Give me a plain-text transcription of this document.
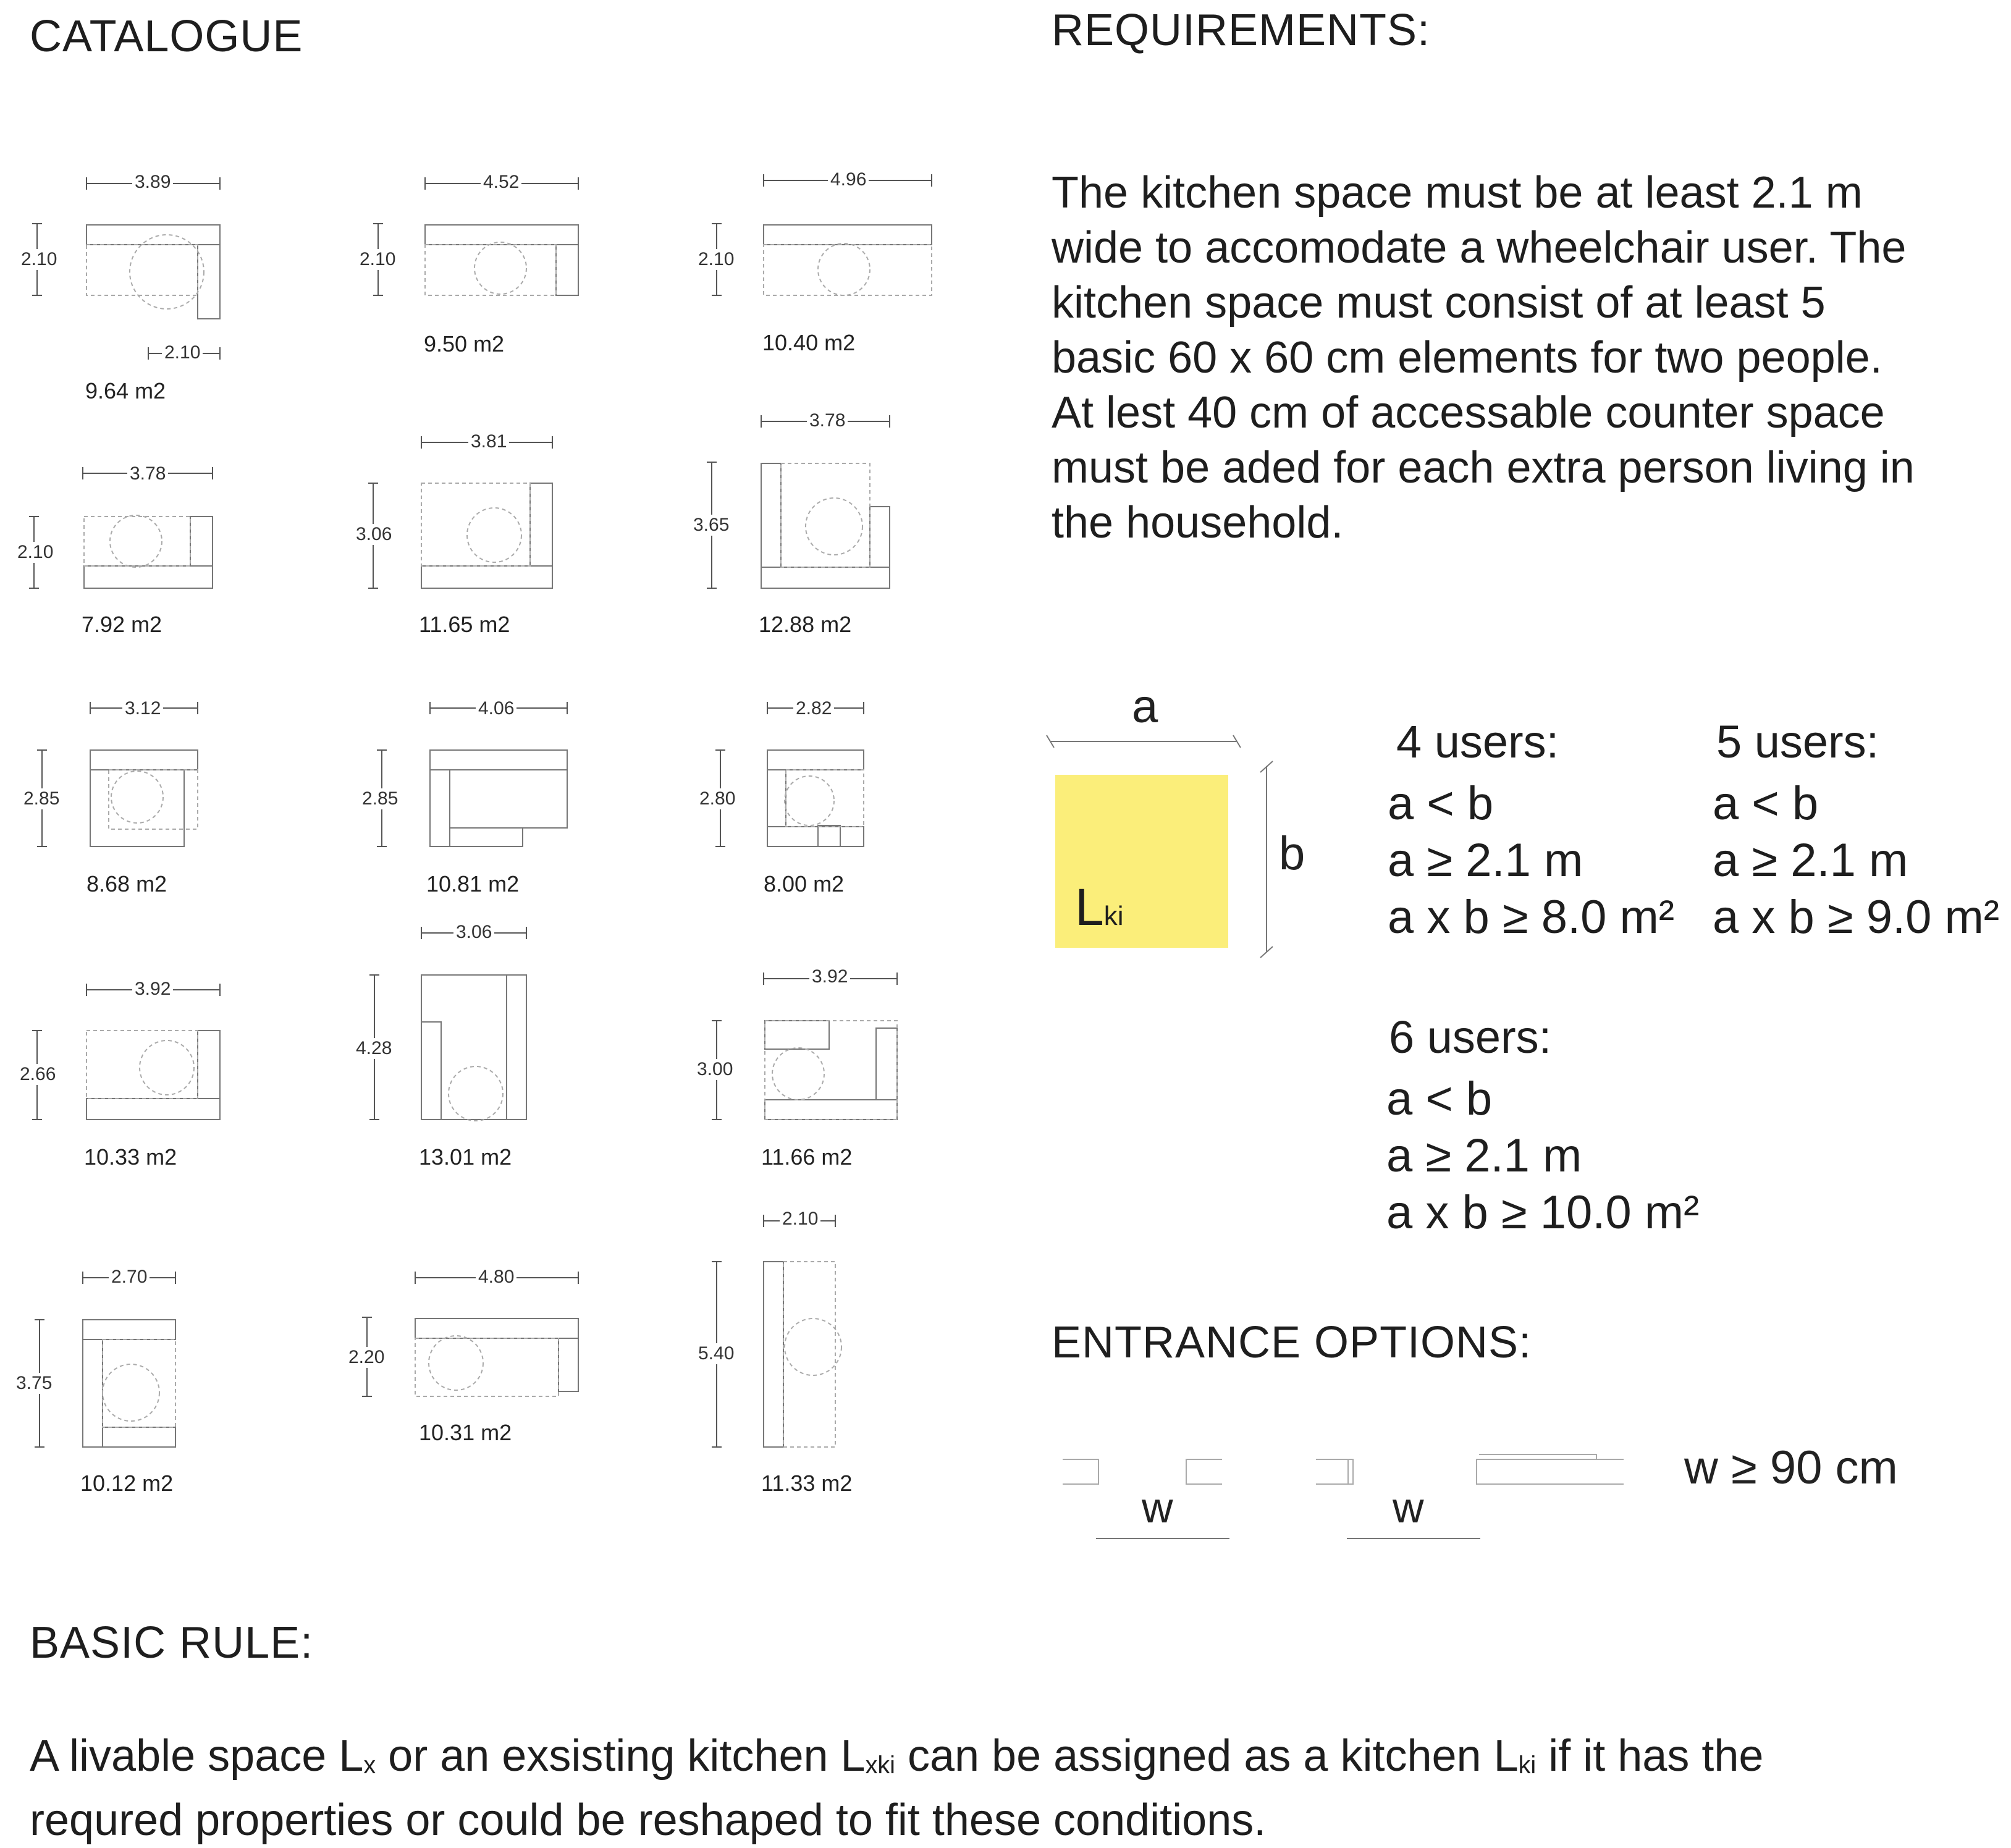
CATALOGUE
3.89
2.10
2.10
9.64 m2
4.52
2.10
9.50 m2
4.96
2.10
10.40 m2
3.78
2.10
7.92 m2
3.81
3.06
11.65 m2
3.78
3.65
12.88 m2
3.12
2.85
8.68 m2
4.06
2.85
10.81 m2
2.82
2.80
8.00 m2
3.92
2.66
10.33 m2
3.06
4.28
13.01 m2
3.92
3.00
11.66 m2
2.70
3.75
10.12 m2
4.80
2.20
10.31 m2
2.10
5.40
11.33 m2
REQUIREMENTS:
The kitchen space must be at least 2.1 m wide to accomodate a wheelchair user. The kitchen space must consist of at least 5 basic 60 x 60 cm elements for two people. At lest 40 cm of accessable counter space must be aded for each extra person living in the household.
Lki
a
b
4 users:
a < b
a ≥ 2.1 m
a x b ≥ 8.0 m²
5 users:
a < b
a ≥ 2.1 m
a x b ≥ 9.0 m²
6 users:
a < b
a ≥ 2.1 m
a x b ≥ 10.0 m²
ENTRANCE OPTIONS:
w	w
w ≥ 90 cm
BASIC RULE:
A livable space $L_x$ or an exsisting kitchen $L_{xki}$ can be assigned as a kitchen $L_{ki}$ if it has the
requred properties or could be reshaped to fit these conditions.
